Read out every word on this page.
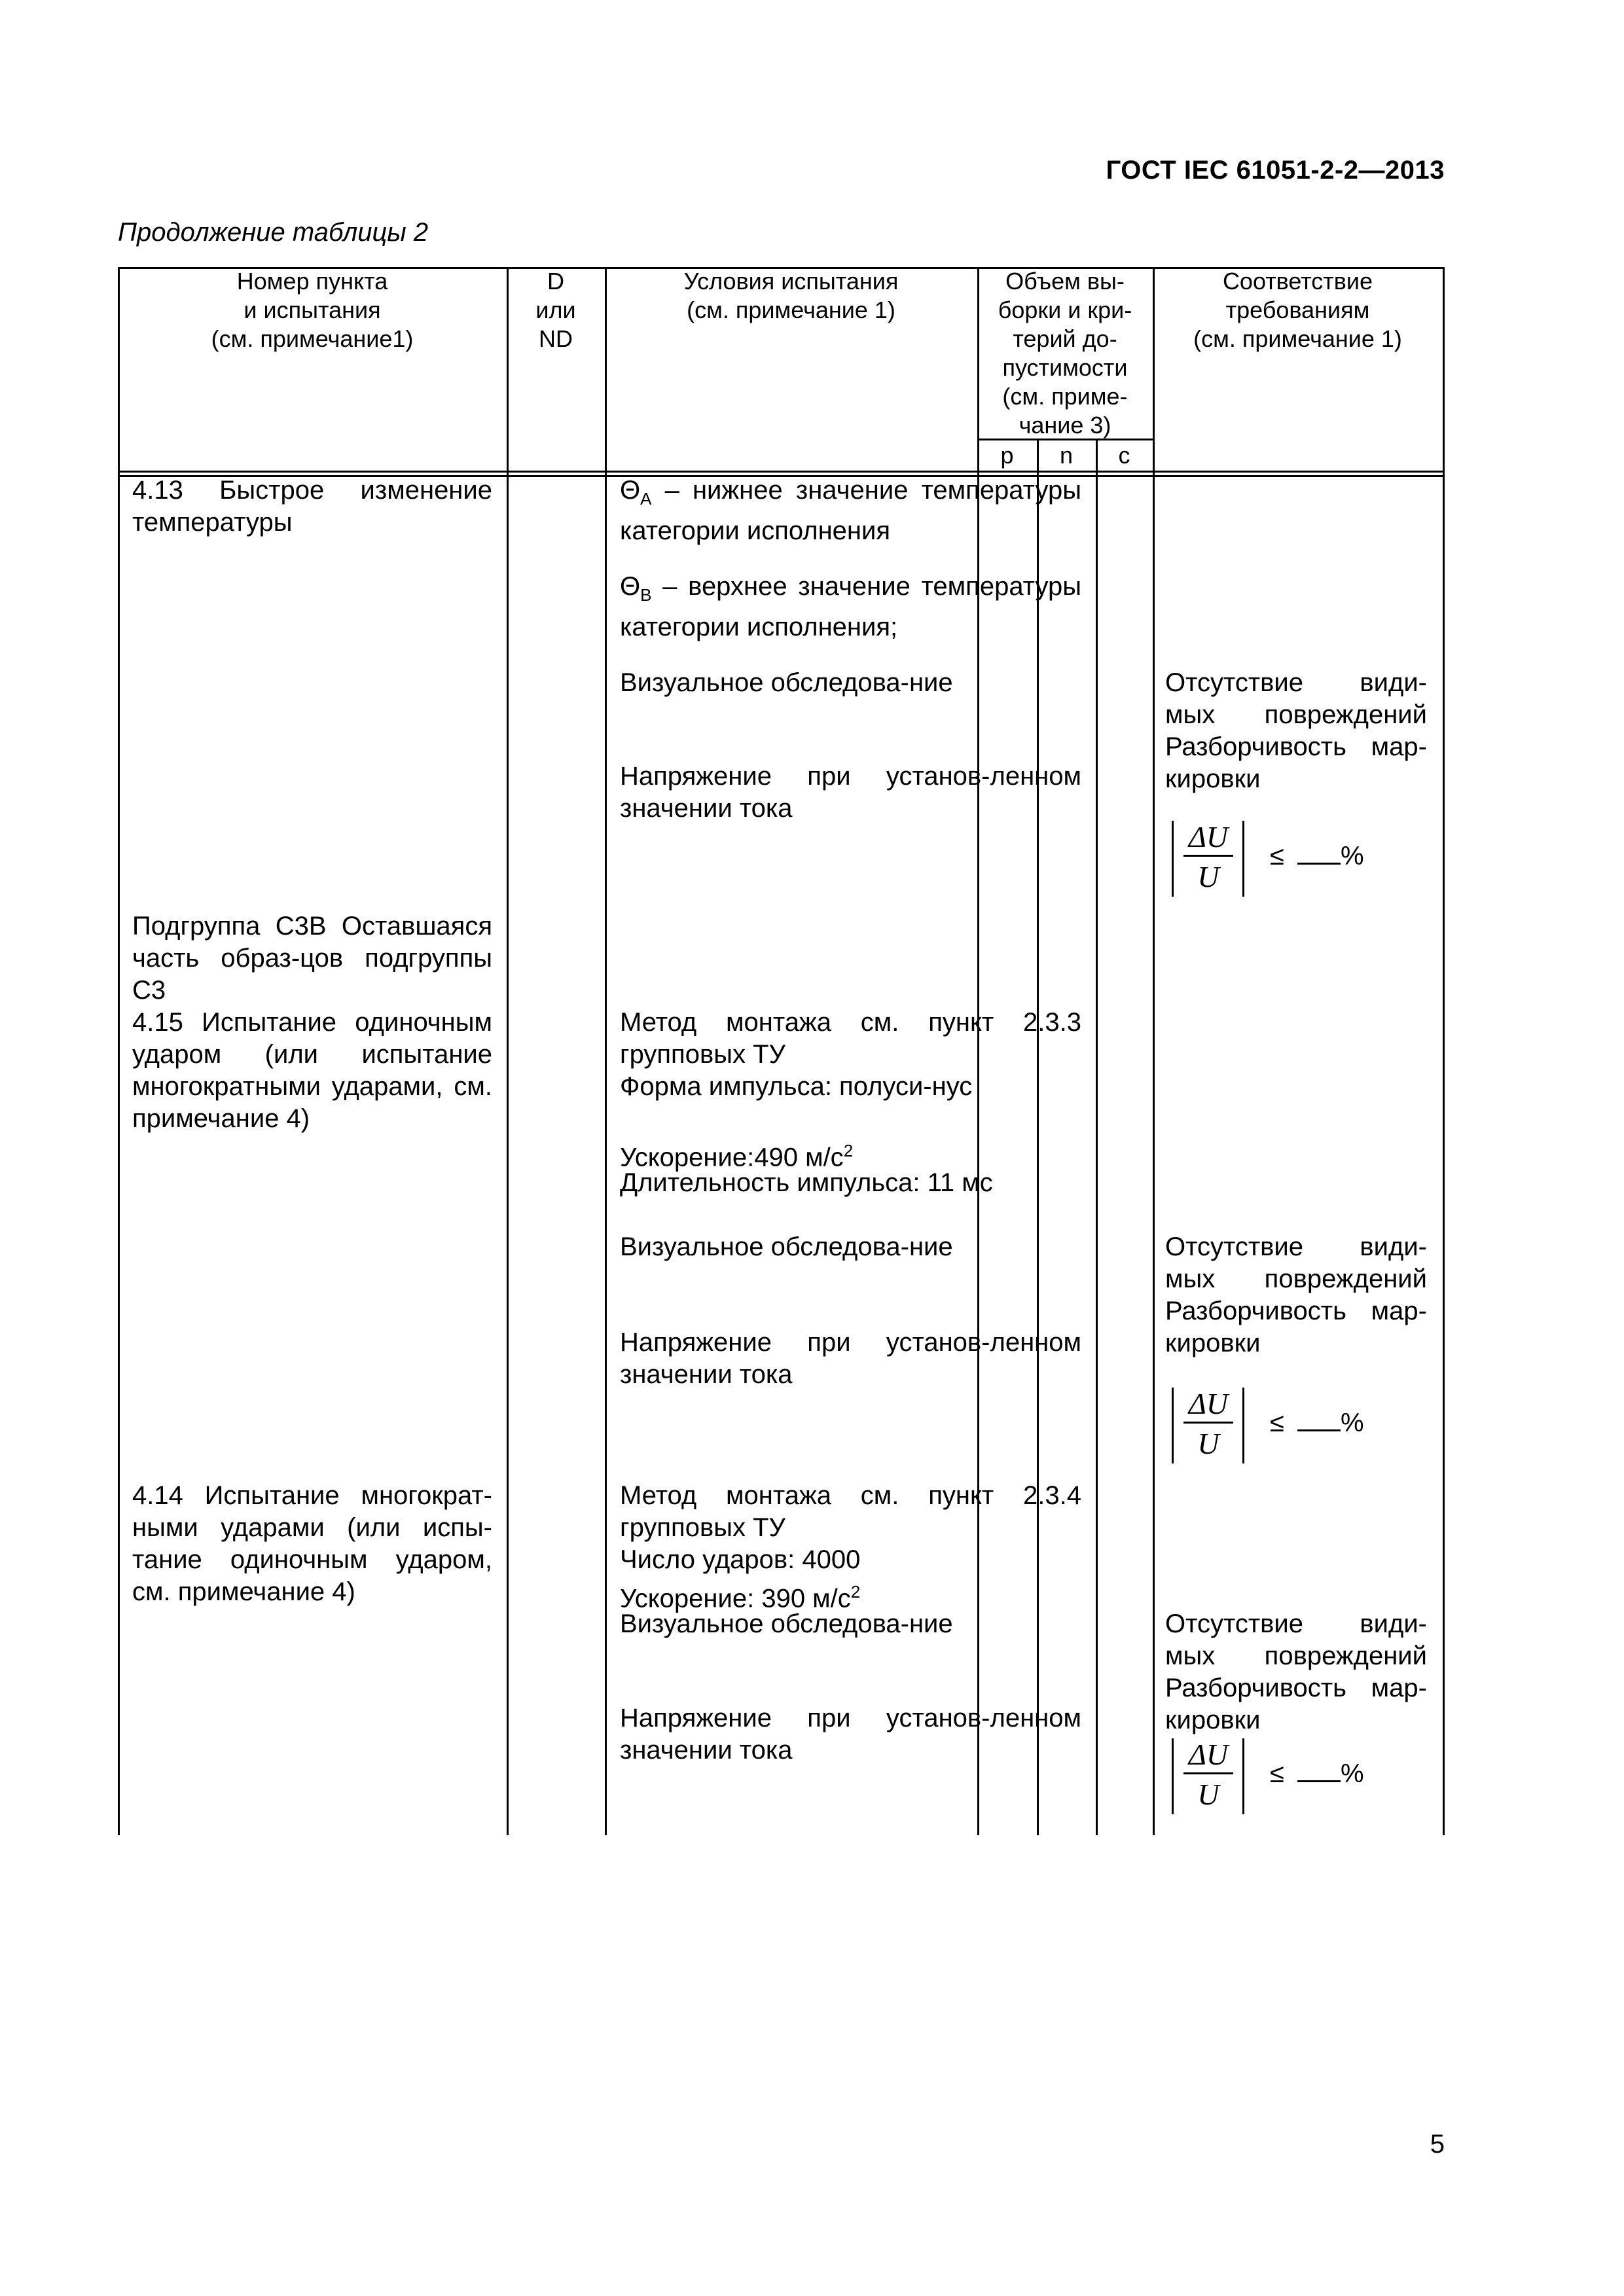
ГОСТ IEC 61051-2-2—2013
Продолжение таблицы 2
Номер пункта
и испытания
(см. примечание1)
D
или
ND
Условия испытания
(см. примечание 1)
Объем вы-
борки и кри-
терий до-
пустимости
(см. приме-
чание 3)
Соответствие
требованиям
(см. примечание 1)
p	n	c
4.13 Быстрое изменение температуры
$\Theta_A$ – нижнее значение температуры категории исполнения
$\Theta_B$ – верхнее значение температуры категории исполнения;
Визуальное обследова-ние
Напряжение при установ-ленном значении тока
Отсутствие види-мых повреждений Разборчивость мар-кировки
$\frac{\Delta U}{U}$ ≤ %
Подгруппа С3В Оставшаяся часть образ-цов подгруппы С3
4.15 Испытание одиночным ударом (или испытание многократными ударами, см. примечание 4)
Метод монтажа см. пункт 2.3.3 групповых ТУ
Форма импульса: полуси-нус
Ускорение:490 $м/с^2$
Длительность импульса: 11 мс
Визуальное обследова-ние
Напряжение при установ-ленном значении тока
Отсутствие види-мых повреждений Разборчивость мар-кировки
$\frac{\Delta U}{U}$ ≤ %
4.14 Испытание многократ-ными ударами (или испы-тание одиночным ударом, см. примечание 4)
Метод монтажа см. пункт 2.3.4 групповых ТУ
Число ударов: 4000
Ускорение: 390 $м/с^2$
Визуальное обследова-ние
Напряжение при установ-ленном значении тока
Отсутствие види-мых повреждений Разборчивость мар-кировки
$\frac{\Delta U}{U}$ ≤ %
5
